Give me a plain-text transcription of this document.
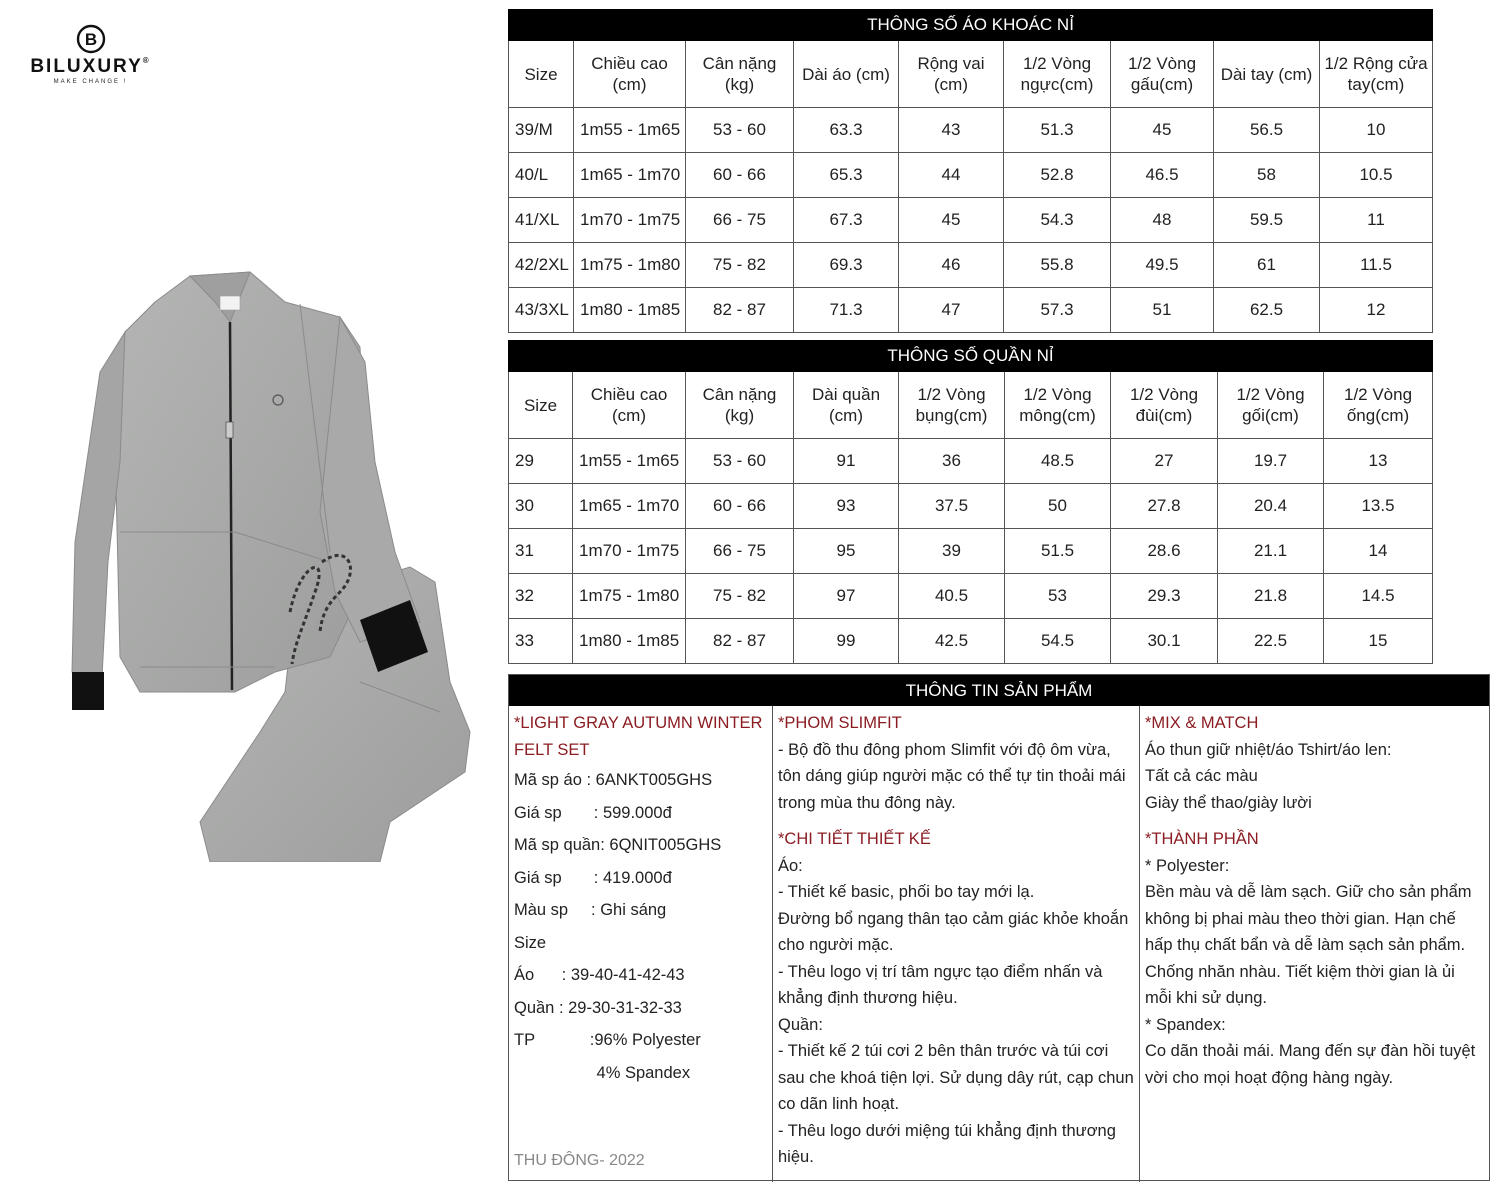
B
BILUXURY®
MAKE CHANGE !
THÔNG SỐ ÁO KHOÁC NỈ								
Size	Chiều cao (cm)	Cân nặng (kg)	Dài áo (cm)	Rộng vai (cm)	1/2 Vòng ngực(cm)	1/2 Vòng gấu(cm)	Dài tay (cm)	1/2 Rộng cửa tay(cm)
39/M	1m55 - 1m65	53 - 60	63.3	43	51.3	45	56.5	10
40/L	1m65 - 1m70	60 - 66	65.3	44	52.8	46.5	58	10.5
41/XL	1m70 - 1m75	66 - 75	67.3	45	54.3	48	59.5	11
42/2XL	1m75 - 1m80	75 - 82	69.3	46	55.8	49.5	61	11.5
43/3XL	1m80 - 1m85	82 - 87	71.3	47	57.3	51	62.5	12
THÔNG SỐ QUẦN NỈ								
Size	Chiều cao (cm)	Cân nặng (kg)	Dài quần (cm)	1/2 Vòng bụng(cm)	1/2 Vòng mông(cm)	1/2 Vòng đùi(cm)	1/2 Vòng gối(cm)	1/2 Vòng ống(cm)
29	1m55 - 1m65	53 - 60	91	36	48.5	27	19.7	13
30	1m65 - 1m70	60 - 66	93	37.5	50	27.8	20.4	13.5
31	1m70 - 1m75	66 - 75	95	39	51.5	28.6	21.1	14
32	1m75 - 1m80	75 - 82	97	40.5	53	29.3	21.8	14.5
33	1m80 - 1m85	82 - 87	99	42.5	54.5	30.1	22.5	15
THÔNG TIN SẢN PHẨM
*LIGHT GRAY AUTUMN WINTER
FELT SET
Mã sp áo : 6ANKT005GHS
Giá sp       : 599.000đ
Mã sp quần: 6QNIT005GHS
Giá sp       : 419.000đ
Màu sp     : Ghi sáng
Size
Áo      : 39-40-41-42-43
Quần : 29-30-31-32-33
TP            :96% Polyester
4% Spandex
THU ĐÔNG- 2022
*PHOM SLIMFIT

- Bộ đồ thu đông phom Slimfit với độ ôm vừa, tôn dáng giúp người mặc có thể tự tin thoải mái trong mùa thu đông này.

*CHI TIẾT THIẾT KẾ
Áo:
- Thiết kế basic, phối bo tay mới lạ.
Đường bổ ngang thân tạo cảm giác khỏe khoắn cho người mặc.
- Thêu logo vị trí tâm ngực tạo điểm nhấn và khẳng định thương hiệu.
Quần:
- Thiết kế 2 túi cơi 2 bên thân trước và túi cơi sau che khoá tiện lợi. Sử dụng dây rút, cạp chun co dãn linh hoạt.
- Thêu logo dưới miệng túi khẳng định thương hiệu.
*MIX & MATCH
Áo thun giữ nhiệt/áo Tshirt/áo len:
Tất cả các màu
Giày thể thao/giày lười
*THÀNH PHẦN
* Polyester:
Bền màu và dễ làm sạch. Giữ cho sản phẩm không bị phai màu theo thời gian. Hạn chế hấp thụ chất bẩn và dễ làm sạch sản phẩm. Chống nhăn nhàu. Tiết kiệm thời gian là ủi mỗi khi sử dụng.
* Spandex:
Co dãn thoải mái. Mang đến sự đàn hồi tuyệt vời cho mọi hoạt động hàng ngày.
